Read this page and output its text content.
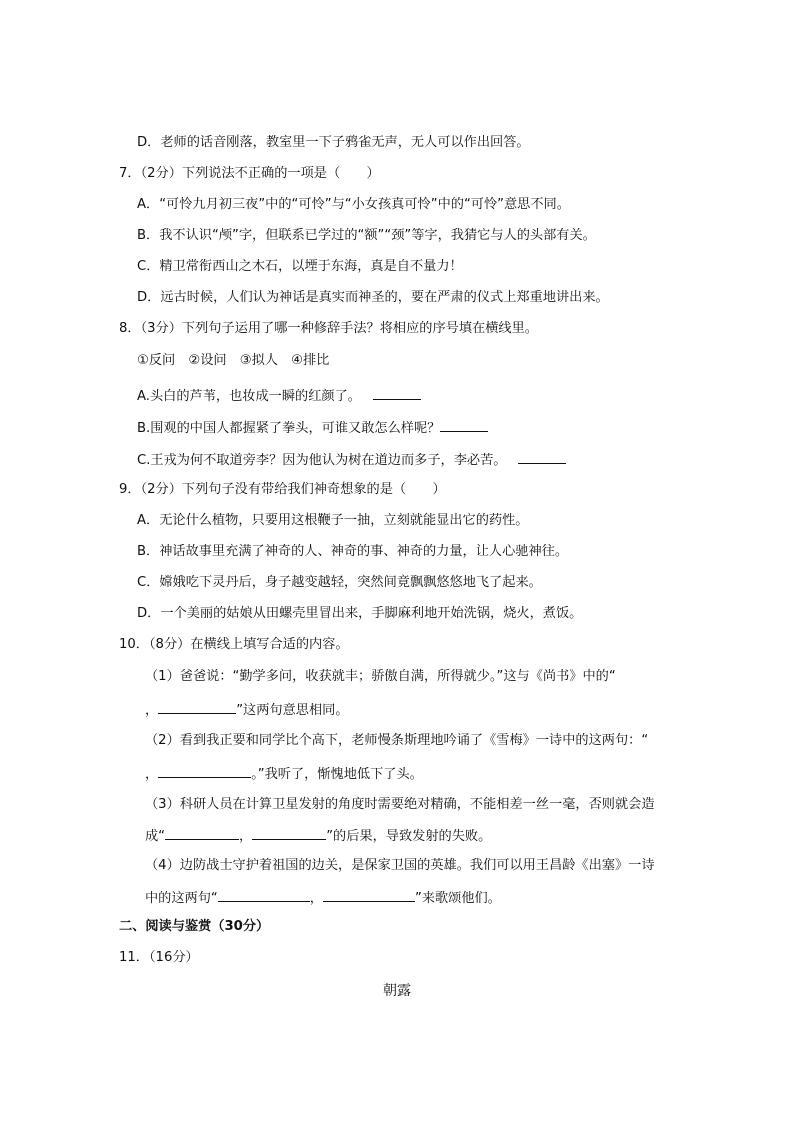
D．老师的话音刚落，教室里一下子鸦雀无声，无人可以作出回答。
7．（2分）下列说法不正确的一项是（　　）
A．“可怜九月初三夜”中的“可怜”与“小女孩真可怜”中的“可怜”意思不同。
B．我不认识“颅”字，但联系已学过的“额”“颈”等字，我猜它与人的头部有关。
C．精卫常衔西山之木石，以堙于东海，真是自不量力！
D．远古时候，人们认为神话是真实而神圣的，要在严肃的仪式上郑重地讲出来。
8．（3分）下列句子运用了哪一种修辞手法？将相应的序号填在横线里。
①反问　②设问　③拟人　④排比
A.头白的芦苇，也妆成一瞬的红颜了。
B.围观的中国人都握紧了拳头，可谁又敢怎么样呢？
C.王戎为何不取道旁李？因为他认为树在道边而多子，李必苦。
9．（2分）下列句子没有带给我们神奇想象的是（　　）
A．无论什么植物，只要用这根鞭子一抽，立刻就能显出它的药性。
B．神话故事里充满了神奇的人、神奇的事、神奇的力量，让人心驰神往。
C．嫦娥吃下灵丹后，身子越变越轻，突然间竟飘飘悠悠地飞了起来。
D．一个美丽的姑娘从田螺壳里冒出来，手脚麻利地开始洗锅，烧火，煮饭。
10．（8分）在横线上填写合适的内容。
（1）爸爸说：“勤学多问，收获就丰；骄傲自满，所得就少。”这与《尚书》中的“
，	”这两句意思相同。
（2）看到我正要和同学比个高下，老师慢条斯理地吟诵了《雪梅》一诗中的这两句：“
，	。”我听了，惭愧地低下了头。
（3）科研人员在计算卫星发射的角度时需要绝对精确，不能相差一丝一毫，否则就会造
成“	，	”的后果，导致发射的失败。
（4）边防战士守护着祖国的边关，是保家卫国的英雄。我们可以用王昌龄《出塞》一诗
中的这两句“	，	”来歌颂他们。
二、阅读与鉴赏（30分）
11．（16分）
朝露
